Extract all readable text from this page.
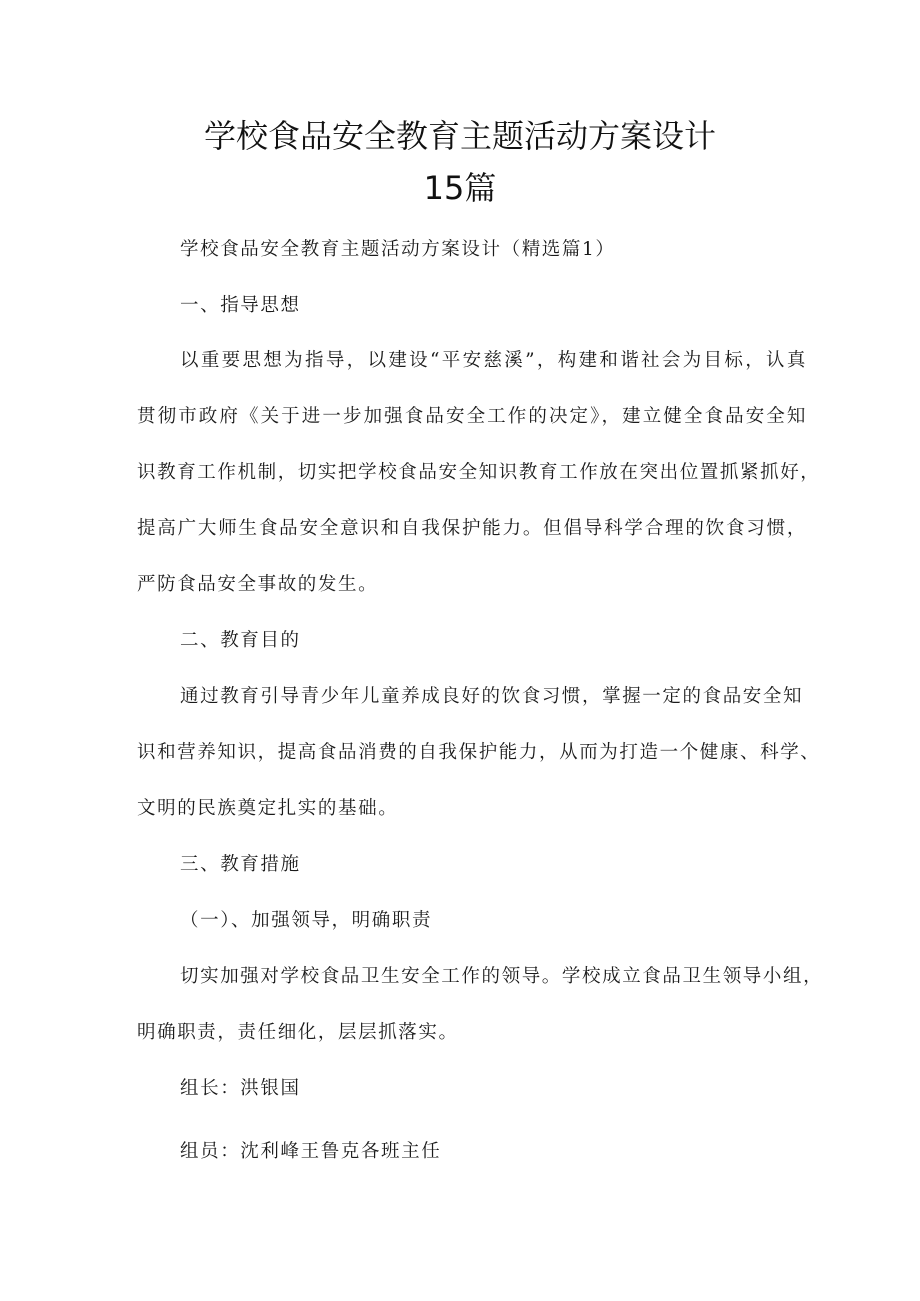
学校食品安全教育主题活动方案设计
15篇
学校食品安全教育主题活动方案设计（精选篇1）
一、指导思想
以重要思想为指导，以建设“平安慈溪”，构建和谐社会为目标，认真
贯彻市政府《关于进一步加强食品安全工作的决定》，建立健全食品安全知
识教育工作机制，切实把学校食品安全知识教育工作放在突出位置抓紧抓好，
提高广大师生食品安全意识和自我保护能力。但倡导科学合理的饮食习惯，
严防食品安全事故的发生。
二、教育目的
通过教育引导青少年儿童养成良好的饮食习惯，掌握一定的食品安全知
识和营养知识，提高食品消费的自我保护能力，从而为打造一个健康、科学、
文明的民族奠定扎实的基础。
三、教育措施
（一）、加强领导，明确职责
切实加强对学校食品卫生安全工作的领导。学校成立食品卫生领导小组，
明确职责，责任细化，层层抓落实。
组长：洪银国
组员：沈利峰王鲁克各班主任
